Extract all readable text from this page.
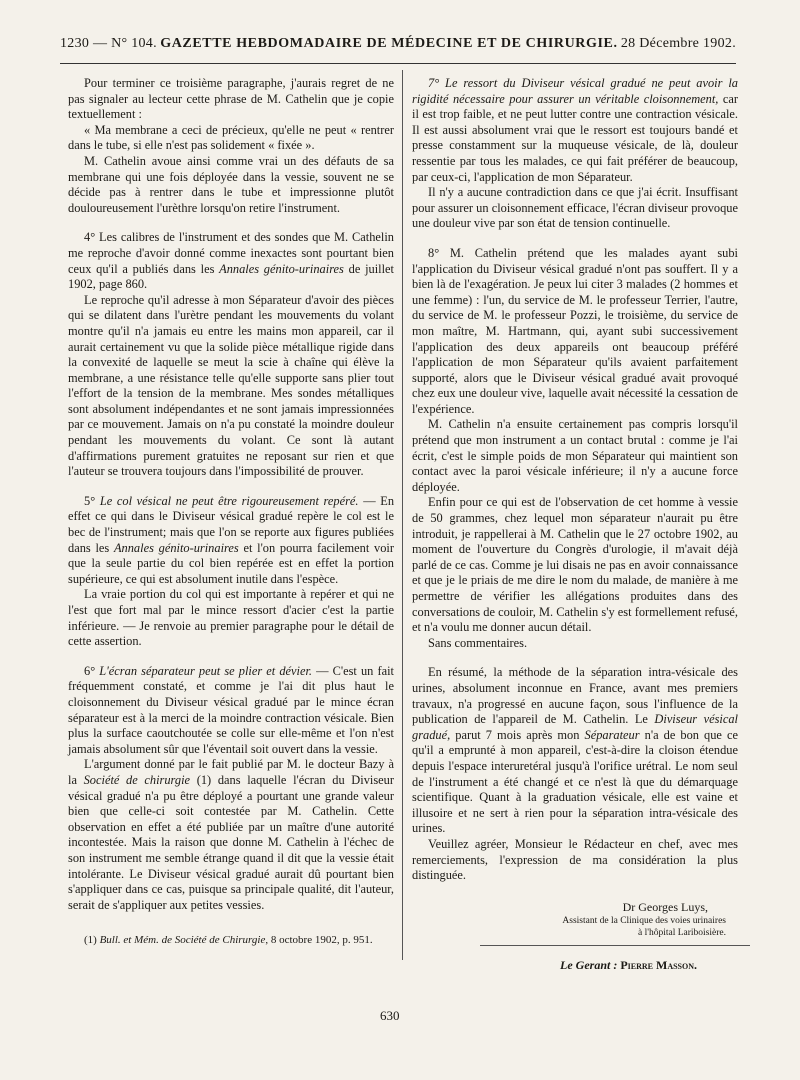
1230 — N° 104. GAZETTE HEBDOMADAIRE DE MÉDECINE ET DE CHIRURGIE. 28 Décembre 1902.

Pour terminer ce troisième paragraphe, j'aurais regret de ne pas signaler au lecteur cette phrase de M. Cathelin que je copie textuellement :

« Ma membrane a ceci de précieux, qu'elle ne peut « rentrer dans le tube, si elle n'est pas solidement « fixée ».

M. Cathelin avoue ainsi comme vrai un des défauts de sa membrane qui une fois déployée dans la vessie, souvent ne se décide pas à rentrer dans le tube et impressionne plutôt douloureusement l'urèthre lorsqu'on retire l'instrument.

4° Les calibres de l'instrument et des sondes que M. Cathelin me reproche d'avoir donné comme inexactes sont pourtant bien ceux qu'il a publiés dans les Annales génito-urinaires de juillet 1902, page 860.

Le reproche qu'il adresse à mon Séparateur d'avoir des pièces qui se dilatent dans l'urètre pendant les mouvements du volant montre qu'il n'a jamais eu entre les mains mon appareil, car il aurait certainement vu que la solide pièce métallique rigide dans la convexité de laquelle se meut la scie à chaîne qui élève la membrane, a une résistance telle qu'elle supporte sans plier tout l'effort de la tension de la membrane. Mes sondes métalliques sont absolument indépendantes et ne sont jamais impressionnées par ce mouvement. Jamais on n'a pu constaté la moindre douleur pendant les mouvements du volant. Ce sont là autant d'affirmations purement gratuites ne reposant sur rien et que l'auteur se trouvera toujours dans l'impossibilité de prouver.

5° Le col vésical ne peut être rigoureusement repéré. — En effet ce qui dans le Diviseur vésical gradué repère le col est le bec de l'instrument; mais que l'on se reporte aux figures publiées dans les Annales génito-urinaires et l'on pourra facilement voir que la seule partie du col bien repérée est en effet la portion supérieure, ce qui est absolument inutile dans l'espèce.

La vraie portion du col qui est importante à repérer et qui ne l'est que fort mal par le mince ressort d'acier c'est la partie inférieure. — Je renvoie au premier paragraphe pour le détail de cette assertion.

6° L'écran séparateur peut se plier et dévier. — C'est un fait fréquemment constaté, et comme je l'ai dit plus haut le cloisonnement du Diviseur vésical gradué par le mince écran séparateur est à la merci de la moindre contraction vésicale. Bien plus la surface caoutchoutée se colle sur elle-même et l'on n'est jamais absolument sûr que l'éventail soit ouvert dans la vessie.

L'argument donné par le fait publié par M. le docteur Bazy à la Société de chirurgie (1) dans laquelle l'écran du Diviseur vésical gradué n'a pu être déployé a pourtant une grande valeur bien que celle-ci soit contestée par M. Cathelin. Cette observation en effet a été publiée par un maître d'une autorité incontestée. Mais la raison que donne M. Cathelin à l'échec de son instrument me semble étrange quand il dit que la vessie était intolérante. Le Diviseur vésical gradué aurait dû pourtant bien s'appliquer dans ce cas, puisque sa principale qualité, dit l'auteur, serait de s'appliquer aux petites vessies.

(1) Bull. et Mém. de Société de Chirurgie, 8 octobre 1902, p. 951.

7° Le ressort du Diviseur vésical gradué ne peut avoir la rigidité nécessaire pour assurer un véritable cloisonnement, car il est trop faible, et ne peut lutter contre une contraction vésicale. Il est aussi absolument vrai que le ressort est toujours bandé et presse constamment sur la muqueuse vésicale, de là, douleur ressentie par tous les malades, ce qui fait préférer de beaucoup, par ceux-ci, l'application de mon Séparateur.

Il n'y a aucune contradiction dans ce que j'ai écrit. Insuffisant pour assurer un cloisonnement efficace, l'écran diviseur provoque une douleur vive par son état de tension continuelle.

8° M. Cathelin prétend que les malades ayant subi l'application du Diviseur vésical gradué n'ont pas souffert. Il y a bien là de l'exagération. Je peux lui citer 3 malades (2 hommes et une femme) : l'un, du service de M. le professeur Terrier, l'autre, du service de M. le professeur Pozzi, le troisième, du service de mon maître, M. Hartmann, qui, ayant subi successivement l'application des deux appareils ont beaucoup préféré l'application de mon Séparateur qu'ils avaient parfaitement supporté, alors que le Diviseur vésical gradué avait provoqué chez eux une douleur vive, laquelle avait nécessité la cessation de l'expérience.

M. Cathelin n'a ensuite certainement pas compris lorsqu'il prétend que mon instrument a un contact brutal : comme je l'ai écrit, c'est le simple poids de mon Séparateur qui maintient son contact avec la paroi vésicale inférieure; il n'y a aucune force déployée.

Enfin pour ce qui est de l'observation de cet homme à vessie de 50 grammes, chez lequel mon séparateur n'aurait pu être introduit, je rappellerai à M. Cathelin que le 27 octobre 1902, au moment de l'ouverture du Congrès d'urologie, il m'avait déjà parlé de ce cas. Comme je lui disais ne pas en avoir connaissance et que je le priais de me dire le nom du malade, de manière à me permettre de vérifier les allégations produites dans des conversations de couloir, M. Cathelin s'y est formellement refusé, et n'a voulu me donner aucun détail.

Sans commentaires.

En résumé, la méthode de la séparation intra-vésicale des urines, absolument inconnue en France, avant mes premiers travaux, n'a progressé en aucune façon, sous l'influence de la publication de l'appareil de M. Cathelin. Le Diviseur vésical gradué, parut 7 mois après mon Séparateur n'a de bon que ce qu'il a emprunté à mon appareil, c'est-à-dire la cloison étendue depuis l'espace interuretéral jusqu'à l'orifice urétral. Le nom seul de l'instrument a été changé et ce n'est là que du démarquage scientifique. Quant à la graduation vésicale, elle est vaine et illusoire et ne sert à rien pour la séparation intra-vésicale des urines.

Veuillez agréer, Monsieur le Rédacteur en chef, avec mes remerciements, l'expression de ma considération la plus distinguée.

Dr Georges Luys,
Assistant de la Clinique des voies urinaires
à l'hôpital Lariboisière.
Le Gerant : Pierre Masson.
630
